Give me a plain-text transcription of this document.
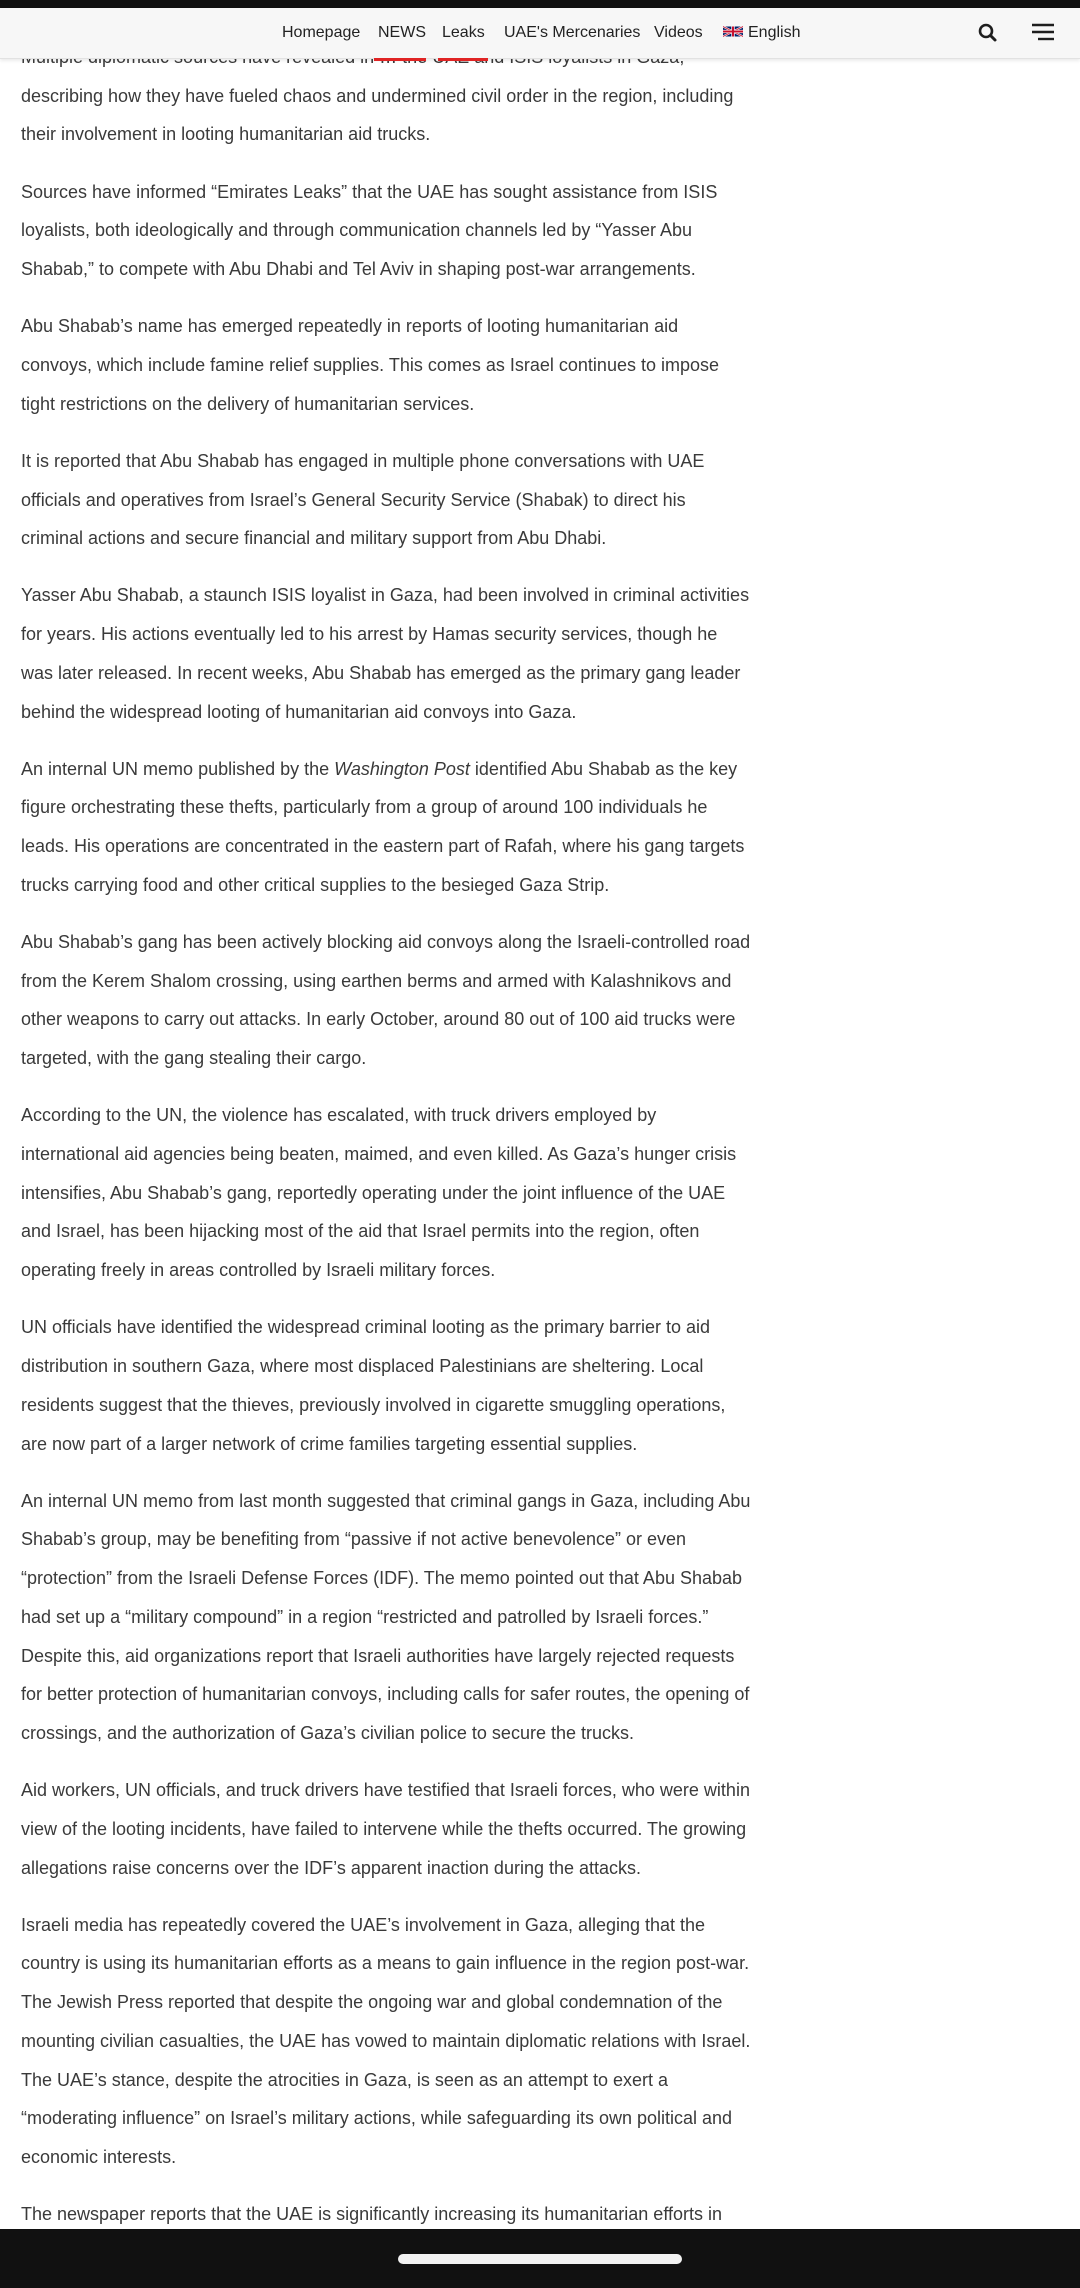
Homepage NEWS Leaks UAE's Mercenaries Videos	English

describing how they have fueled chaos and undermined civil order in the region, including their involvement in looting humanitarian aid trucks.

Sources have informed “Emirates Leaks” that the UAE has sought assistance from ISIS loyalists, both ideologically and through communication channels led by “Yasser Abu Shabab,” to compete with Abu Dhabi and Tel Aviv in shaping post-war arrangements.

Abu Shabab’s name has emerged repeatedly in reports of looting humanitarian aid convoys, which include famine relief supplies. This comes as Israel continues to impose tight restrictions on the delivery of humanitarian services.

It is reported that Abu Shabab has engaged in multiple phone conversations with UAE officials and operatives from Israel’s General Security Service (Shabak) to direct his criminal actions and secure financial and military support from Abu Dhabi.

Yasser Abu Shabab, a staunch ISIS loyalist in Gaza, had been involved in criminal activities for years. His actions eventually led to his arrest by Hamas security services, though he was later released. In recent weeks, Abu Shabab has emerged as the primary gang leader behind the widespread looting of humanitarian aid convoys into Gaza.

An internal UN memo published by the Washington Post identified Abu Shabab as the key figure orchestrating these thefts, particularly from a group of around 100 individuals he leads. His operations are concentrated in the eastern part of Rafah, where his gang targets trucks carrying food and other critical supplies to the besieged Gaza Strip.

Abu Shabab’s gang has been actively blocking aid convoys along the Israeli-controlled road from the Kerem Shalom crossing, using earthen berms and armed with Kalashnikovs and other weapons to carry out attacks. In early October, around 80 out of 100 aid trucks were targeted, with the gang stealing their cargo.

According to the UN, the violence has escalated, with truck drivers employed by international aid agencies being beaten, maimed, and even killed. As Gaza’s hunger crisis intensifies, Abu Shabab’s gang, reportedly operating under the joint influence of the UAE and Israel, has been hijacking most of the aid that Israel permits into the region, often operating freely in areas controlled by Israeli military forces.

UN officials have identified the widespread criminal looting as the primary barrier to aid distribution in southern Gaza, where most displaced Palestinians are sheltering. Local residents suggest that the thieves, previously involved in cigarette smuggling operations, are now part of a larger network of crime families targeting essential supplies.

An internal UN memo from last month suggested that criminal gangs in Gaza, including Abu Shabab’s group, may be benefiting from “passive if not active benevolence” or even “protection” from the Israeli Defense Forces (IDF). The memo pointed out that Abu Shabab had set up a “military compound” in a region “restricted and patrolled by Israeli forces.” Despite this, aid organizations report that Israeli authorities have largely rejected requests for better protection of humanitarian convoys, including calls for safer routes, the opening of crossings, and the authorization of Gaza’s civilian police to secure the trucks.

Aid workers, UN officials, and truck drivers have testified that Israeli forces, who were within view of the looting incidents, have failed to intervene while the thefts occurred. The growing allegations raise concerns over the IDF’s apparent inaction during the attacks.

Israeli media has repeatedly covered the UAE’s involvement in Gaza, alleging that the country is using its humanitarian efforts as a means to gain influence in the region post-war. The Jewish Press reported that despite the ongoing war and global condemnation of the mounting civilian casualties, the UAE has vowed to maintain diplomatic relations with Israel. The UAE’s stance, despite the atrocities in Gaza, is seen as an attempt to exert a “moderating influence” on Israel’s military actions, while safeguarding its own political and economic interests.

The newspaper reports that the UAE is significantly increasing its humanitarian efforts in
